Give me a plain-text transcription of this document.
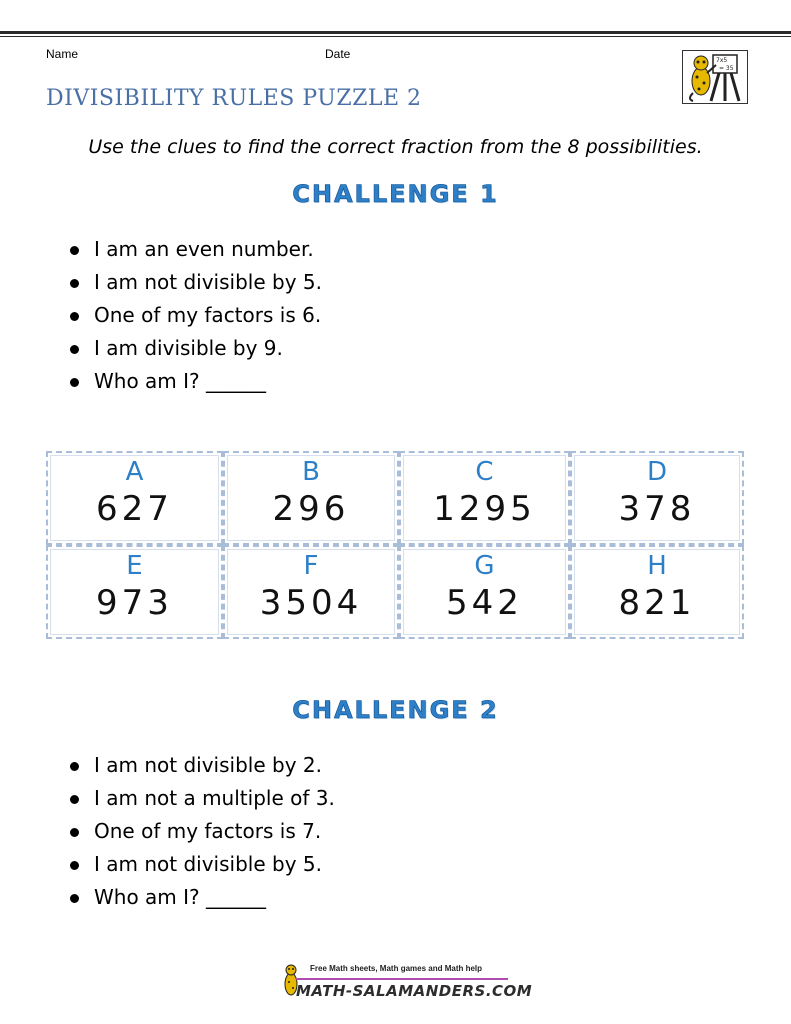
Name	Date
DIVISIBILITY RULES PUZZLE 2
7x5
= 35
Use the clues to find the correct fraction from the 8 possibilities.
CHALLENGE 1
I am an even number.
I am not divisible by 5.
One of my factors is 6.
I am divisible by 9.
Who am I? ______
A
627
B
296
C
1295
D
378
E
973
F
3504
G
542
H
821
CHALLENGE 2
I am not divisible by 2.
I am not a multiple of 3.
One of my factors is 7.
I am not divisible by 5.
Who am I? ______
Free Math sheets, Math games and Math help
MATH-SALAMANDERS.COM
